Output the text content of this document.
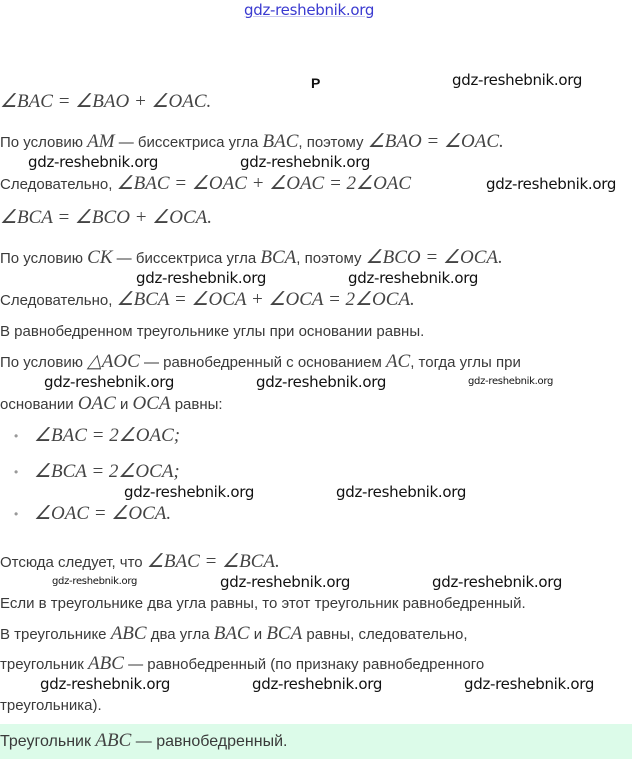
gdz-reshebnik.org
Р
∠BAC = ∠BAO + ∠OAC.
По условию AM — биссектриса угла BAC, поэтому ∠BAO = ∠OAC.
Следовательно, ∠BAC = ∠OAC + ∠OAC = 2∠OAC
∠BCA = ∠BCO + ∠OCA.
По условию CK — биссектриса угла BCA, поэтому ∠BCO = ∠OCA.
Следовательно, ∠BCA = ∠OCA + ∠OCA = 2∠OCA.
В равнобедренном треугольнике углы при основании равны.
По условию △AOC — равнобедренный с основанием AC, тогда углы при
основании OAC и OCA равны:
• ∠BAC = 2∠OAC;
• ∠BCA = 2∠OCA;
• ∠OAC = ∠OCA.
Отсюда следует, что ∠BAC = ∠BCA.
Если в треугольнике два угла равны, то этот треугольник равнобедренный.
В треугольнике ABC два угла BAC и BCA равны, следовательно,
треугольник ABC — равнобедренный (по признаку равнобедренного
треугольника).
Треугольник ABC — равнобедренный.
gdz-reshebnik.org
gdz-reshebnik.org	gdz-reshebnik.org
gdz-reshebnik.org
gdz-reshebnik.org	gdz-reshebnik.org
gdz-reshebnik.org	gdz-reshebnik.org
gdz-reshebnik.org
gdz-reshebnik.org	gdz-reshebnik.org
gdz-reshebnik.org	gdz-reshebnik.org	gdz-reshebnik.org
gdz-reshebnik.org	gdz-reshebnik.org	gdz-reshebnik.org
